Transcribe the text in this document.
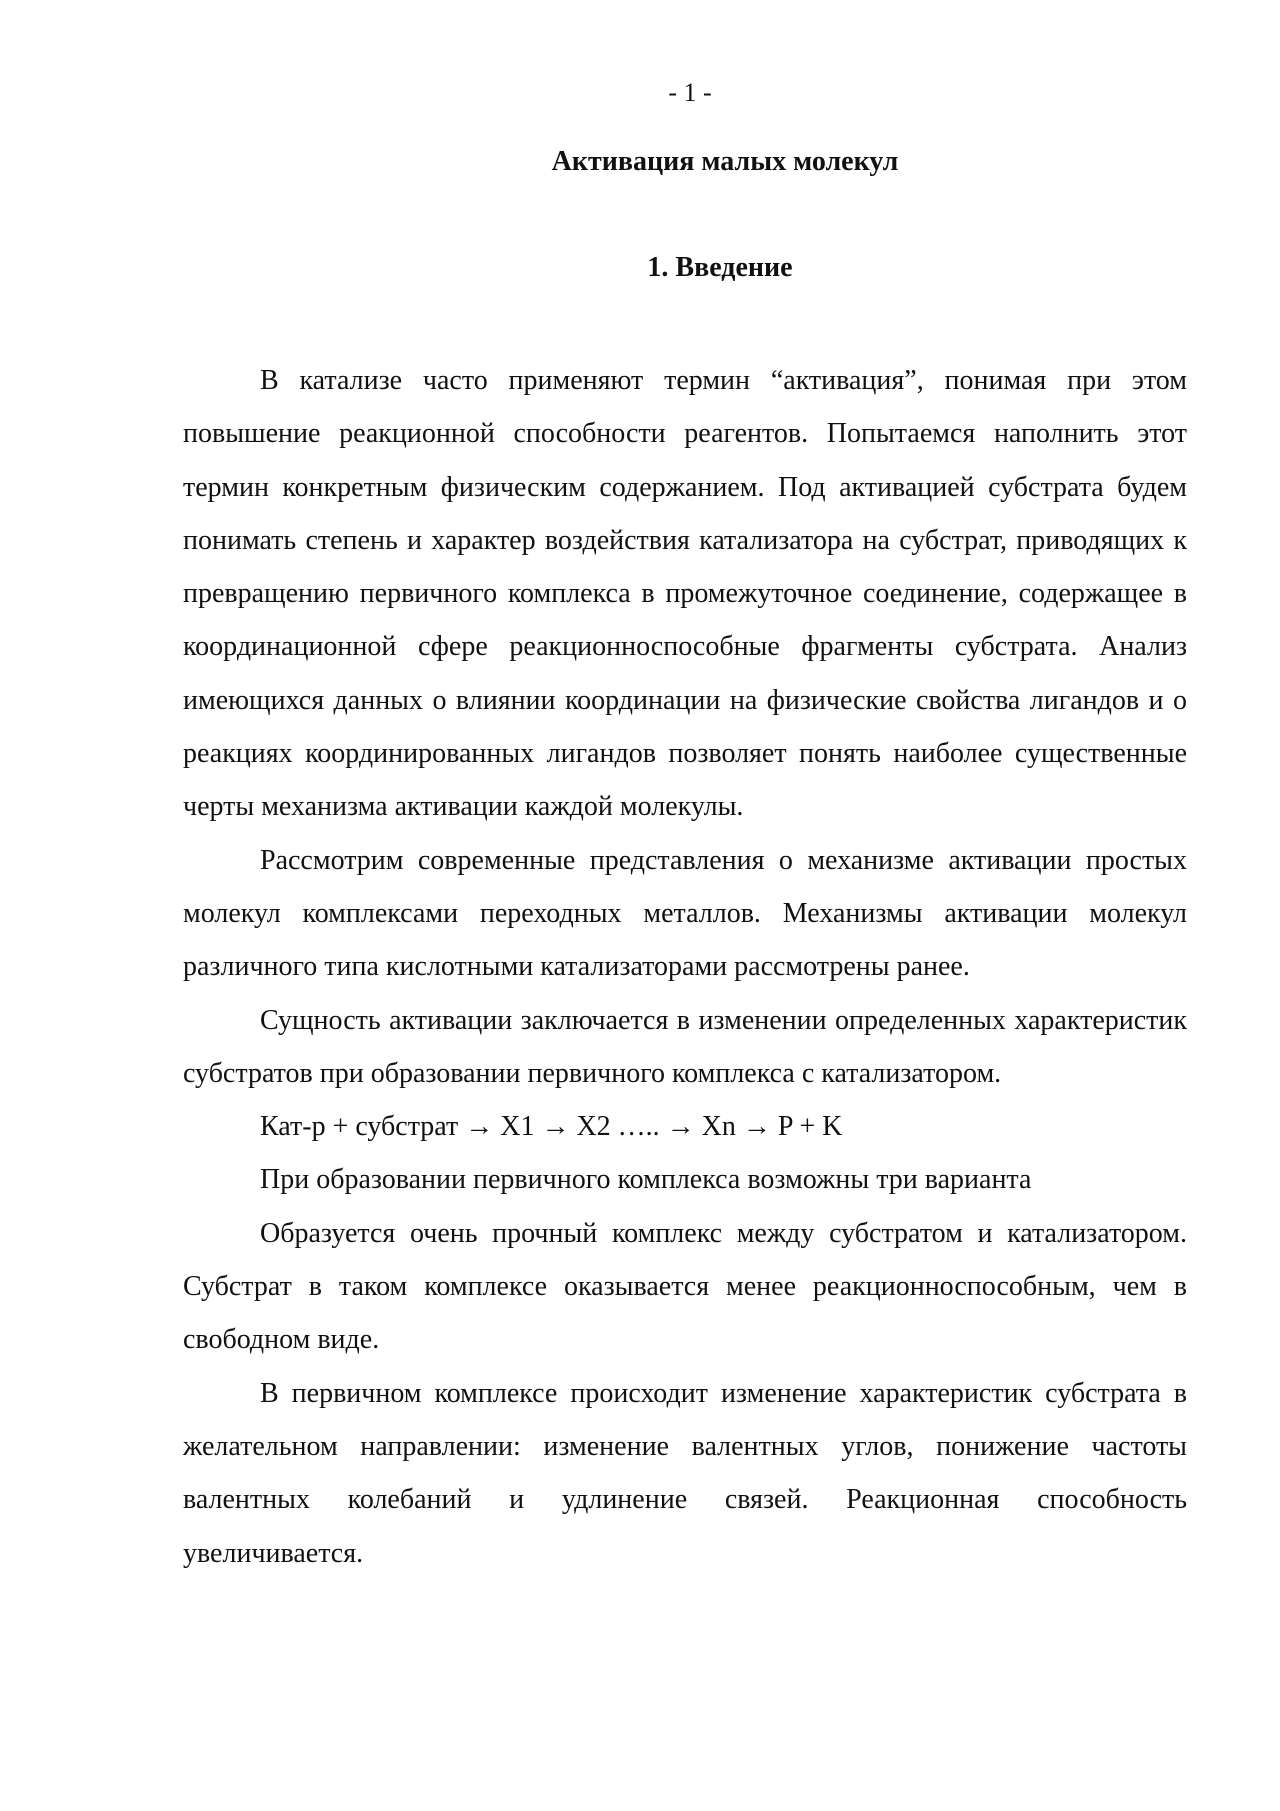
- 1 -
Активация малых молекул
1. Введение

В катализе часто применяют термин “активация”, понимая при этом повышение реакционной способности реагентов. Попытаемся наполнить этот термин конкретным физическим содержанием. Под активацией субстрата будем понимать степень и характер воздействия катализатора на субстрат, приводящих к превращению первичного комплекса в промежуточное соединение, содержащее в координационной сфере реакционноспособные фрагменты субстрата. Анализ имеющихся данных о влиянии координации на физические свойства лигандов и о реакциях координированных лигандов позволяет понять наиболее существенные черты механизма активации каждой молекулы.

Рассмотрим современные представления о механизме активации простых молекул комплексами переходных металлов. Механизмы активации молекул различного типа кислотными катализаторами рассмотрены ранее.

Сущность активации заключается в изменении определенных характеристик субстратов при образовании первичного комплекса с катализатором.

Кат-р + субстрат → X1 → X2 ….. → Xn → P + K

При образовании первичного комплекса возможны три варианта

Образуется очень прочный комплекс между субстратом и катализатором. Субстрат в таком комплексе оказывается менее реакционноспособным, чем в свободном виде.

В первичном комплексе происходит изменение характеристик субстрата в желательном направлении: изменение валентных углов, понижение частоты валентных колебаний и удлинение связей. Реакционная способность увеличивается.
